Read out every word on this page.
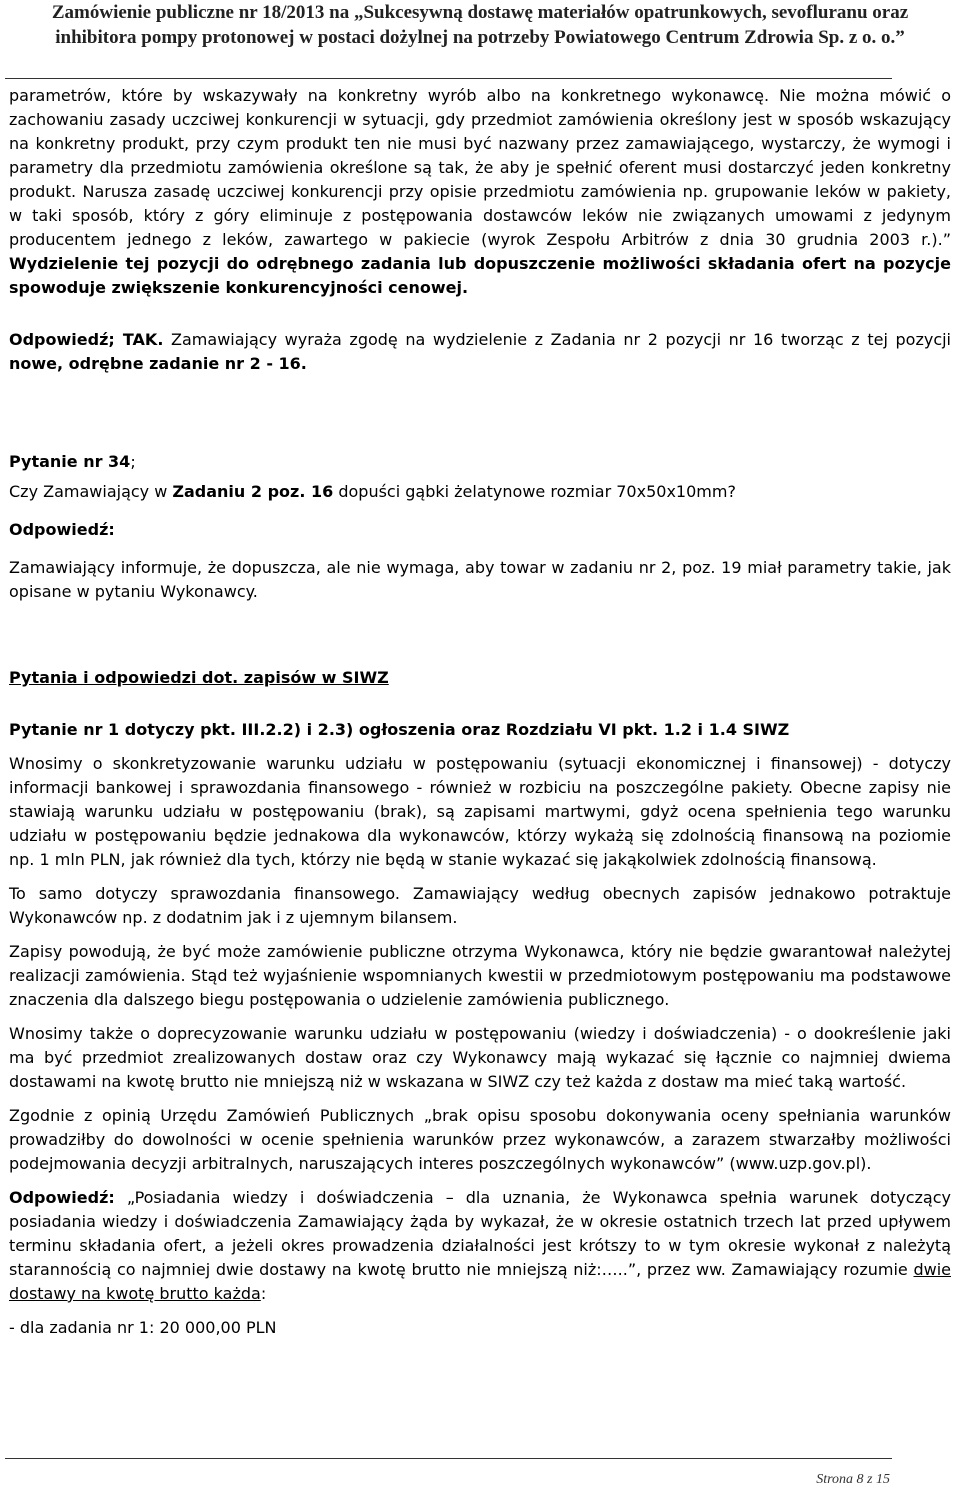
Zamówienie publiczne nr 18/2013 na „Sukcesywną dostawę materiałów opatrunkowych, sevofluranu oraz
inhibitora pompy protonowej w postaci dożylnej na potrzeby Powiatowego Centrum Zdrowia Sp. z o. o.”

parametrów, które by wskazywały na konkretny wyrób albo na konkretnego wykonawcę. Nie można mówić o zachowaniu zasady uczciwej konkurencji w sytuacji, gdy przedmiot zamówienia określony jest w sposób wskazujący na konkretny produkt, przy czym produkt ten nie musi być nazwany przez zamawiającego, wystarczy, że wymogi i parametry dla przedmiotu zamówienia określone są tak, że aby je spełnić oferent musi dostarczyć jeden konkretny produkt. Narusza zasadę uczciwej konkurencji przy opisie przedmiotu zamówienia np. grupowanie leków w pakiety, w taki sposób, który z góry eliminuje z postępowania dostawców leków nie związanych umowami z jedynym producentem jednego z leków, zawartego w pakiecie (wyrok Zespołu Arbitrów z dnia 30 grudnia 2003 r.).” Wydzielenie tej pozycji do odrębnego zadania lub dopuszczenie możliwości składania ofert na pozycje spowoduje zwiększenie konkurencyjności cenowej.

Odpowiedź; TAK. Zamawiający wyraża zgodę na wydzielenie z Zadania nr 2 pozycji nr 16 tworząc z tej pozycji nowe, odrębne zadanie nr 2 - 16.

Pytanie nr 34;

Czy Zamawiający w Zadaniu 2 poz. 16 dopuści gąbki żelatynowe rozmiar 70x50x10mm?

Odpowiedź:

Zamawiający informuje, że dopuszcza, ale nie wymaga, aby towar w zadaniu nr 2, poz. 19 miał parametry takie, jak opisane w pytaniu Wykonawcy.

Pytania i odpowiedzi dot. zapisów w SIWZ

Pytanie nr 1 dotyczy pkt. III.2.2) i 2.3) ogłoszenia oraz Rozdziału VI pkt. 1.2 i 1.4 SIWZ

Wnosimy o skonkretyzowanie warunku udziału w postępowaniu (sytuacji ekonomicznej i finansowej) - dotyczy informacji bankowej i sprawozdania finansowego - również w rozbiciu na poszczególne pakiety. Obecne zapisy nie stawiają warunku udziału w postępowaniu (brak), są zapisami martwymi, gdyż ocena spełnienia tego warunku udziału w postępowaniu będzie jednakowa dla wykonawców, którzy wykażą się zdolnością finansową na poziomie np. 1 mln PLN, jak również dla tych, którzy nie będą w stanie wykazać się jakąkolwiek zdolnością finansową.

To samo dotyczy sprawozdania finansowego. Zamawiający według obecnych zapisów jednakowo potraktuje Wykonawców np. z dodatnim jak i z ujemnym bilansem.

Zapisy powodują, że być może zamówienie publiczne otrzyma Wykonawca, który nie będzie gwarantował należytej realizacji zamówienia. Stąd też wyjaśnienie wspomnianych kwestii w przedmiotowym postępowaniu ma podstawowe znaczenia dla dalszego biegu postępowania o udzielenie zamówienia publicznego.

Wnosimy także o doprecyzowanie warunku udziału w postępowaniu (wiedzy i doświadczenia) - o dookreślenie jaki ma być przedmiot zrealizowanych dostaw oraz czy Wykonawcy mają wykazać się łącznie co najmniej dwiema dostawami na kwotę brutto nie mniejszą niż w wskazana w SIWZ czy też każda z dostaw ma mieć taką wartość.

Zgodnie z opinią Urzędu Zamówień Publicznych „brak opisu sposobu dokonywania oceny spełniania warunków prowadziłby do dowolności w ocenie spełnienia warunków przez wykonawców, a zarazem stwarzałby możliwości podejmowania decyzji arbitralnych, naruszających interes poszczególnych wykonawców” (www.uzp.gov.pl).

Odpowiedź: „Posiadania wiedzy i doświadczenia – dla uznania, że Wykonawca spełnia warunek dotyczący posiadania wiedzy i doświadczenia Zamawiający żąda by wykazał, że w okresie ostatnich trzech lat przed upływem terminu składania ofert, a jeżeli okres prowadzenia działalności jest krótszy to w tym okresie wykonał z należytą starannością co najmniej dwie dostawy na kwotę brutto nie mniejszą niż:…..”, przez ww. Zamawiający rozumie dwie dostawy na kwotę brutto każda:

- dla zadania nr 1: 20 000,00 PLN

Strona 8 z 15
